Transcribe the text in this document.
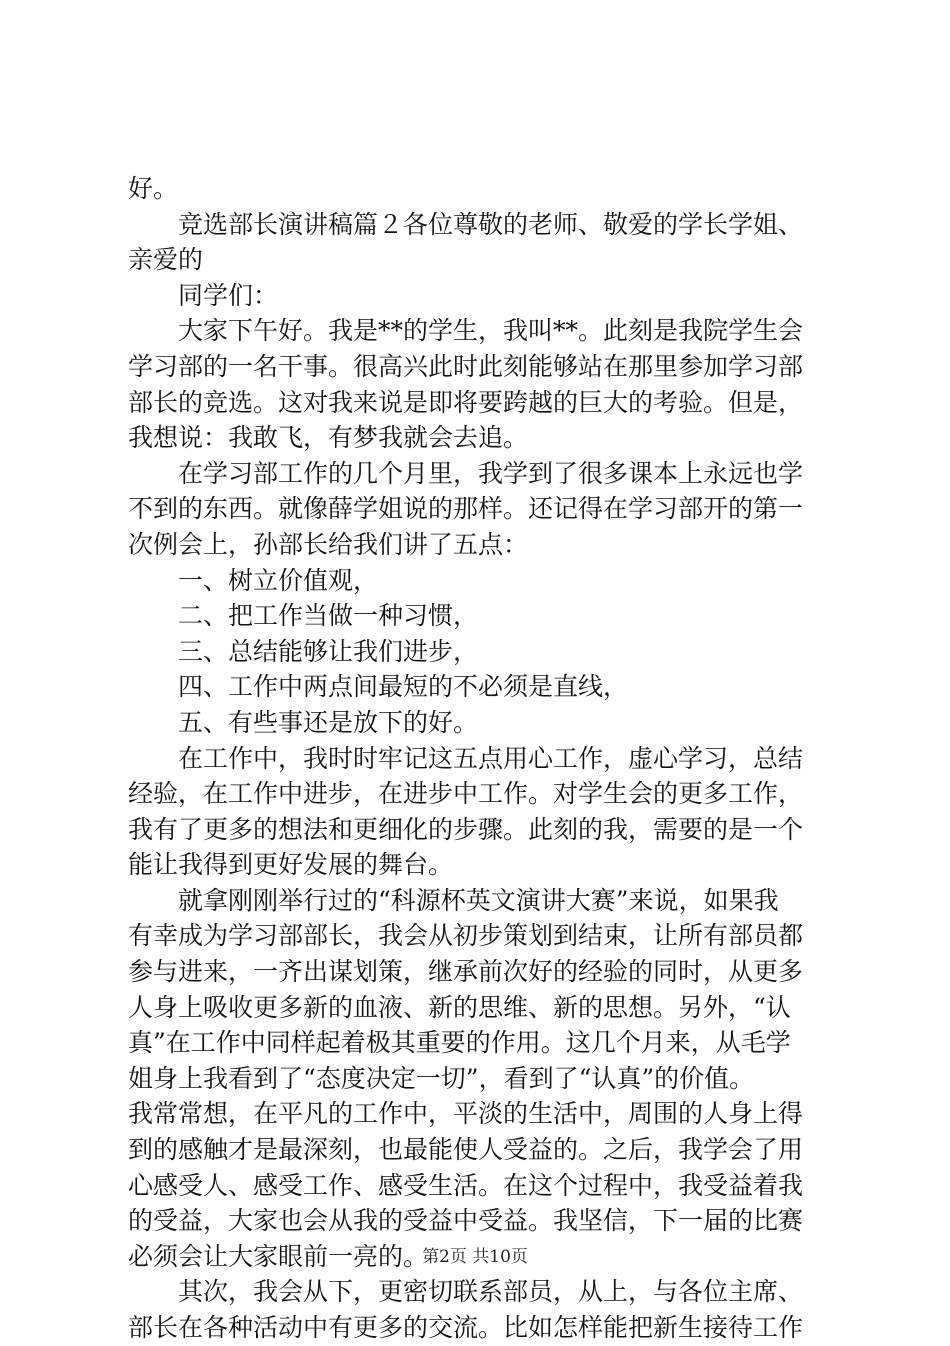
好。
　　竞选部长演讲稿篇２各位尊敬的老师、敬爱的学长学姐、
亲爱的
　　同学们：
　　大家下午好。我是**的学生，我叫**。此刻是我院学生会
学习部的一名干事。很高兴此时此刻能够站在那里参加学习部
部长的竞选。这对我来说是即将要跨越的巨大的考验。但是，
我想说：我敢飞，有梦我就会去追。
　　在学习部工作的几个月里，我学到了很多课本上永远也学
不到的东西。就像薛学姐说的那样。还记得在学习部开的第一
次例会上，孙部长给我们讲了五点：
　　一、树立价值观，
　　二、把工作当做一种习惯，
　　三、总结能够让我们进步，
　　四、工作中两点间最短的不必须是直线，
　　五、有些事还是放下的好。
　　在工作中，我时时牢记这五点用心工作，虚心学习，总结
经验，在工作中进步，在进步中工作。对学生会的更多工作，
我有了更多的想法和更细化的步骤。此刻的我，需要的是一个
能让我得到更好发展的舞台。
　　就拿刚刚举行过的“科源杯英文演讲大赛”来说，如果我
有幸成为学习部部长，我会从初步策划到结束，让所有部员都
参与进来，一齐出谋划策，继承前次好的经验的同时，从更多
人身上吸收更多新的血液、新的思维、新的思想。另外，“认
真”在工作中同样起着极其重要的作用。这几个月来，从毛学
姐身上我看到了“态度决定一切”，看到了“认真”的价值。
我常常想，在平凡的工作中，平淡的生活中，周围的人身上得
到的感触才是最深刻，也最能使人受益的。之后，我学会了用
心感受人、感受工作、感受生活。在这个过程中，我受益着我
的受益，大家也会从我的受益中受益。我坚信，下一届的比赛
必须会让大家眼前一亮的。
　　其次，我会从下，更密切联系部员，从上，与各位主席、
部长在各种活动中有更多的交流。比如怎样能把新生接待工作
第2页 共10页
